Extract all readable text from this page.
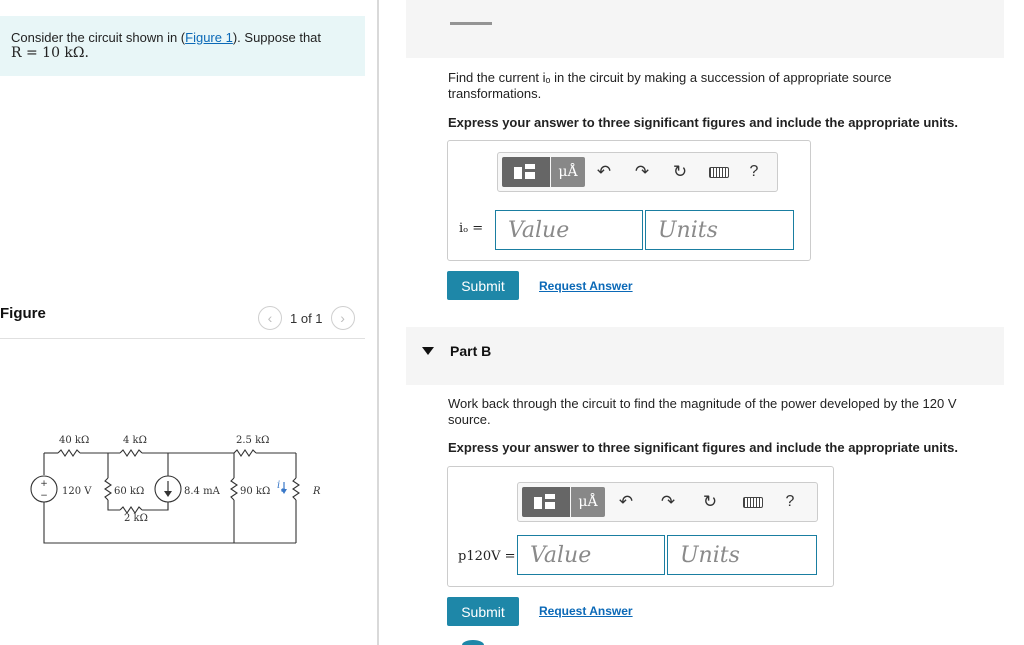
Consider the circuit shown in (Figure 1). Suppose that
R = 10 kΩ.
Figure	‹ 1 of 1 ›
+
−
40 kΩ	4 kΩ	2.5 kΩ
120 V 60 kΩ
2 kΩ
8.4 mA 90 kΩ	R
i o
Find the current iₒ in the circuit by making a succession of appropriate source transformations.
Express your answer to three significant figures and include the appropriate units.
μÅ	↶	↷	↻	?
iₒ =
Value
Units
Submit	Request Answer
Part B
Work back through the circuit to find the magnitude of the power developed by the 120 V source.
Express your answer to three significant figures and include the appropriate units.
μÅ	↶	↷	↻	?
p120V =
Value
Units
Submit	Request Answer
